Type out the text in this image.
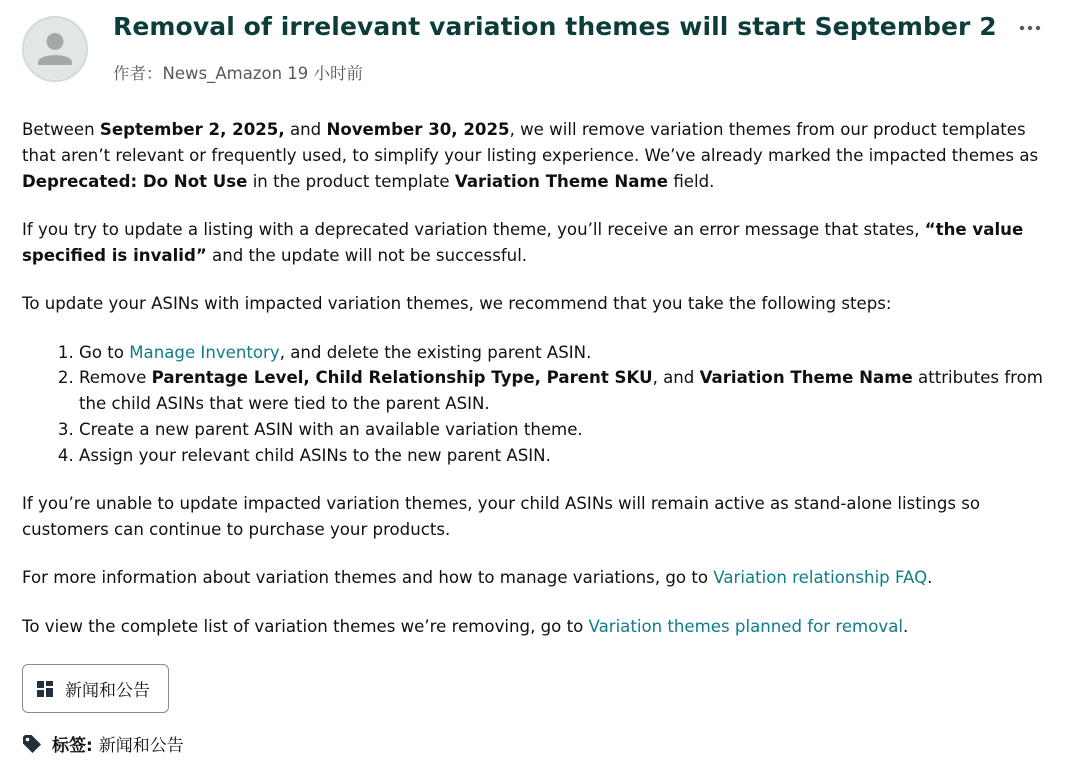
Removal of irrelevant variation themes will start September 2
作者：News_Amazon 19 小时前

Between September 2, 2025, and November 30, 2025, we will remove variation themes from our product templates that aren’t relevant or frequently used, to simplify your listing experience. We’ve already marked the impacted themes as Deprecated: Do Not Use in the product template Variation Theme Name field.

If you try to update a listing with a deprecated variation theme, you’ll receive an error message that states, “the value specified is invalid” and the update will not be successful.

To update your ASINs with impacted variation themes, we recommend that you take the following steps:

1. Go to Manage Inventory, and delete the existing parent ASIN.
2. Remove Parentage Level, Child Relationship Type, Parent SKU, and Variation Theme Name attributes from the child ASINs that were tied to the parent ASIN.
3. Create a new parent ASIN with an available variation theme.
4. Assign your relevant child ASINs to the new parent ASIN.

If you’re unable to update impacted variation themes, your child ASINs will remain active as stand-alone listings so customers can continue to purchase your products.

For more information about variation themes and how to manage variations, go to Variation relationship FAQ.

To view the complete list of variation themes we’re removing, go to Variation themes planned for removal.

新闻和公告
标签: 新闻和公告
